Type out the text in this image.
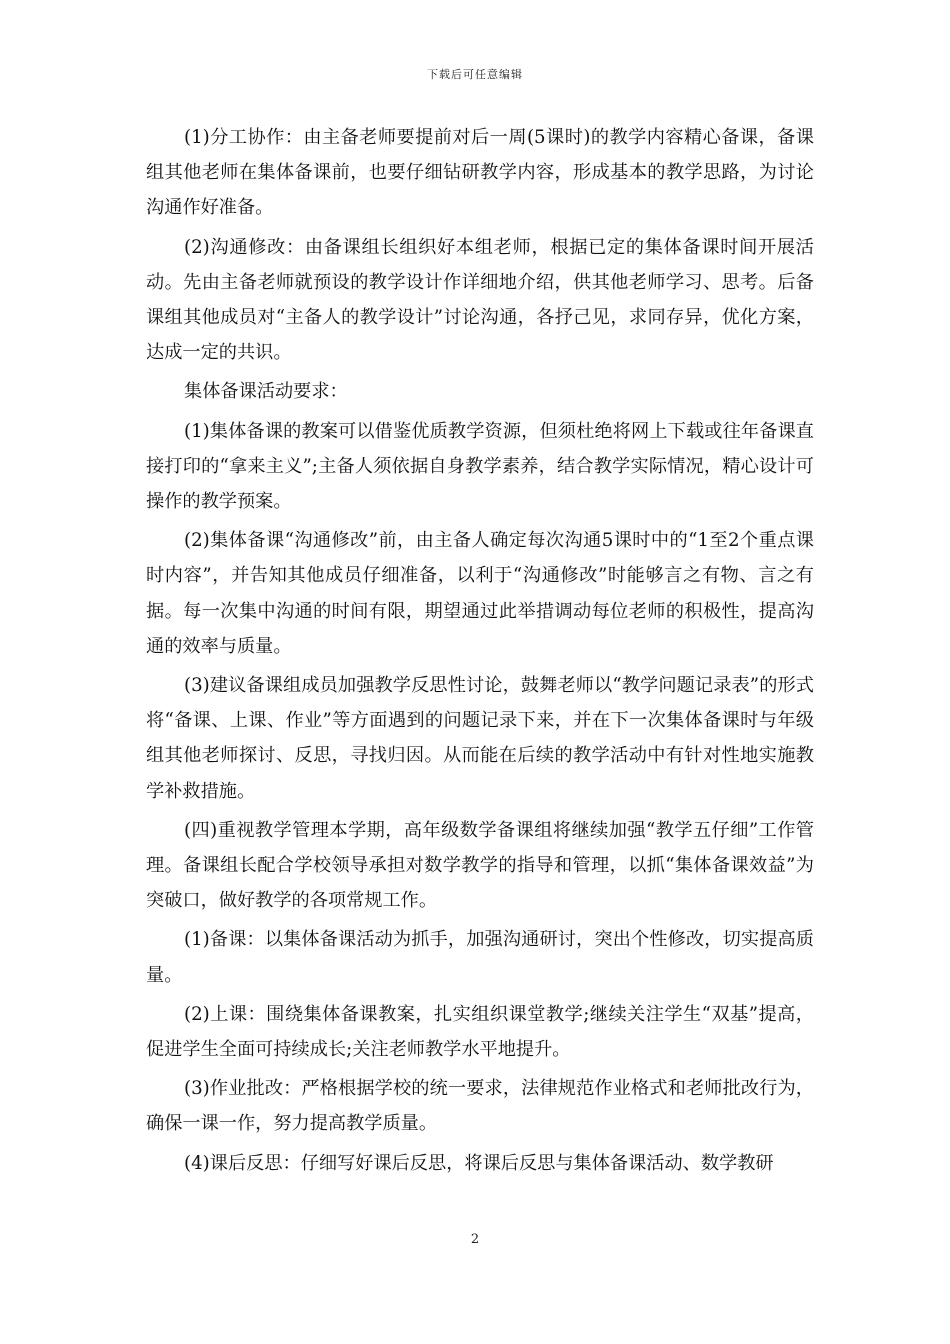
下载后可任意编辑

(1)分工协作：由主备老师要提前对后一周(5课时)的教学内容精心备课，备课组其他老师在集体备课前，也要仔细钻研教学内容，形成基本的教学思路，为讨论沟通作好准备。

(2)沟通修改：由备课组长组织好本组老师，根据已定的集体备课时间开展活动。先由主备老师就预设的教学设计作详细地介绍，供其他老师学习、思考。后备课组其他成员对“主备人的教学设计”讨论沟通，各抒己见，求同存异，优化方案，达成一定的共识。

集体备课活动要求：

(1)集体备课的教案可以借鉴优质教学资源，但须杜绝将网上下载或往年备课直接打印的“拿来主义”;主备人须依据自身教学素养，结合教学实际情况，精心设计可操作的教学预案。

(2)集体备课“沟通修改”前，由主备人确定每次沟通5课时中的“1至2个重点课时内容”，并告知其他成员仔细准备，以利于“沟通修改”时能够言之有物、言之有据。每一次集中沟通的时间有限，期望通过此举措调动每位老师的积极性，提高沟通的效率与质量。

(3)建议备课组成员加强教学反思性讨论，鼓舞老师以“教学问题记录表”的形式将“备课、上课、作业”等方面遇到的问题记录下来，并在下一次集体备课时与年级组其他老师探讨、反思，寻找归因。从而能在后续的教学活动中有针对性地实施教学补救措施。

(四)重视教学管理本学期，高年级数学备课组将继续加强“教学五仔细”工作管理。备课组长配合学校领导承担对数学教学的指导和管理，以抓“集体备课效益”为突破口，做好教学的各项常规工作。

(1)备课：以集体备课活动为抓手，加强沟通研讨，突出个性修改，切实提高质量。

(2)上课：围绕集体备课教案，扎实组织课堂教学;继续关注学生“双基”提高，促进学生全面可持续成长;关注老师教学水平地提升。

(3)作业批改：严格根据学校的统一要求，法律规范作业格式和老师批改行为，确保一课一作，努力提高教学质量。

(4)课后反思：仔细写好课后反思，将课后反思与集体备课活动、数学教研

2
